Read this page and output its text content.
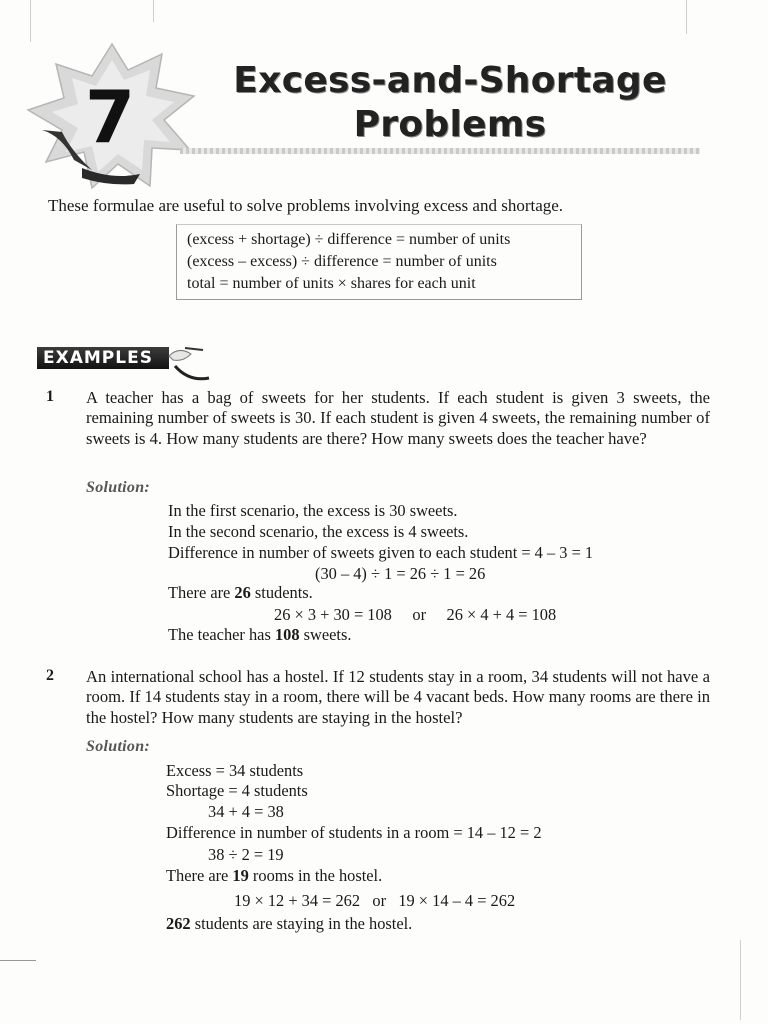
7	Excess-and-Shortage
Problems
These formulae are useful to solve problems involving excess and shortage.
(excess + shortage) ÷ difference = number of units
(excess – excess) ÷ difference = number of units
total = number of units × shares for each unit
EXAMPLES
1 A teacher has a bag of sweets for her students. If each student is given 3 sweets, the remaining number of sweets is 30. If each student is given 4 sweets, the remaining number of sweets is 4. How many students are there? How many sweets does the teacher have?
Solution:
In the first scenario, the excess is 30 sweets.
In the second scenario, the excess is 4 sweets.
Difference in number of sweets given to each student = 4 – 3 = 1
(30 – 4) ÷ 1 = 26 ÷ 1 = 26
There are 26 students.
26 × 3 + 30 = 108     or     26 × 4 + 4 = 108
The teacher has 108 sweets.
2 An international school has a hostel. If 12 students stay in a room, 34 students will not have a room. If 14 students stay in a room, there will be 4 vacant beds. How many rooms are there in the hostel? How many students are staying in the hostel?
Solution:
Excess = 34 students
Shortage = 4 students
34 + 4 = 38
Difference in number of students in a room = 14 – 12 = 2
38 ÷ 2 = 19
There are 19 rooms in the hostel.
19 × 12 + 34 = 262   or   19 × 14 – 4 = 262
262 students are staying in the hostel.
